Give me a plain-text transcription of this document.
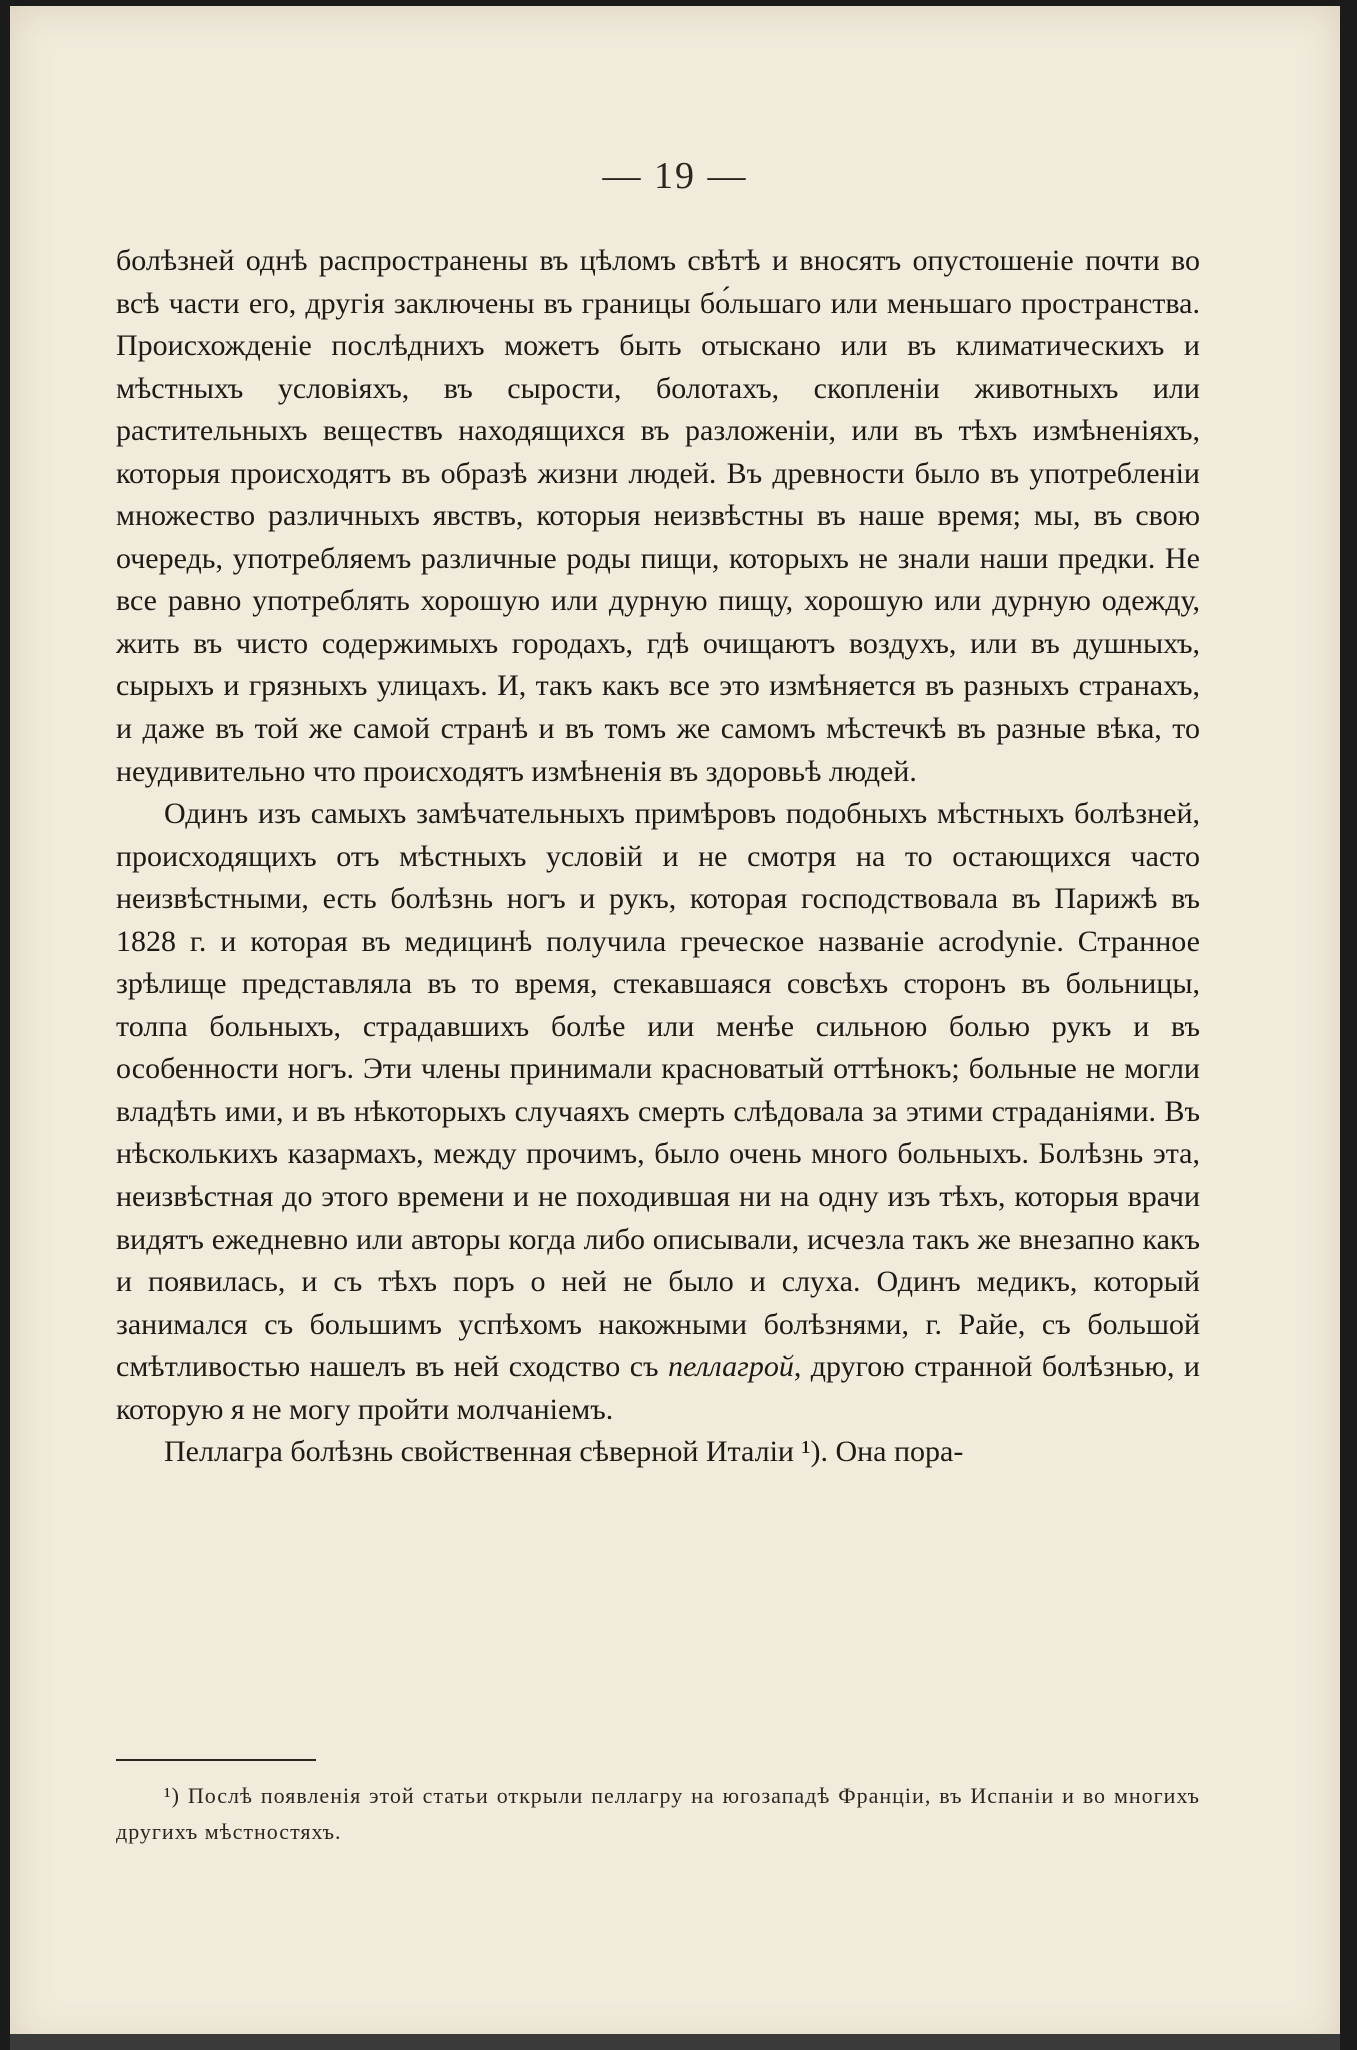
— 19 —

болѣзней однѣ распространены въ цѣломъ свѣтѣ и вносятъ опустошеніе почти во всѣ части его, другія заключены въ границы бо́льшаго или меньшаго пространства. Происхожденіе послѣднихъ можетъ быть отыскано или въ климатическихъ и мѣстныхъ условіяхъ, въ сырости, болотахъ, скопленіи животныхъ или растительныхъ веществъ находящихся въ разложеніи, или въ тѣхъ измѣненіяхъ, которыя происходятъ въ образѣ жизни людей. Въ древности было въ употребленіи множество различныхъ явствъ, которыя неизвѣстны въ наше время; мы, въ свою очередь, употребляемъ различные роды пищи, которыхъ не знали наши предки. Не все равно употреблять хорошую или дурную пищу, хорошую или дурную одежду, жить въ чисто содержимыхъ городахъ, гдѣ очищаютъ воздухъ, или въ душныхъ, сырыхъ и грязныхъ улицахъ. И, такъ какъ все это измѣняется въ разныхъ странахъ, и даже въ той же самой странѣ и въ томъ же самомъ мѣстечкѣ въ разные вѣка, то неудивительно что происходятъ измѣненія въ здоровьѣ людей.

Одинъ изъ самыхъ замѣчательныхъ примѣровъ подобныхъ мѣстныхъ болѣзней, происходящихъ отъ мѣстныхъ условій и не смотря на то остающихся часто неизвѣстными, есть болѣзнь ногъ и рукъ, которая господствовала въ Парижѣ въ 1828 г. и которая въ медицинѣ получила греческое названіе acrodynie. Странное зрѣлище представляла въ то время, стекавшаяся совсѣхъ сторонъ въ больницы, толпа больныхъ, страдавшихъ болѣе или менѣе сильною болью рукъ и въ особенности ногъ. Эти члены принимали красноватый оттѣнокъ; больные не могли владѣть ими, и въ нѣкоторыхъ случаяхъ смерть слѣдовала за этими страданіями. Въ нѣсколькихъ казармахъ, между прочимъ, было очень много больныхъ. Болѣзнь эта, неизвѣстная до этого времени и не походившая ни на одну изъ тѣхъ, которыя врачи видятъ ежедневно или авторы когда либо описывали, исчезла такъ же внезапно какъ и появилась, и съ тѣхъ поръ о ней не было и слуха. Одинъ медикъ, который занимался съ большимъ успѣхомъ накожными болѣзнями, г. Райе, съ большой смѣтливостью нашелъ въ ней сходство съ пеллагрой, другою странной болѣзнью, и которую я не могу пройти молчаніемъ.

Пеллагра болѣзнь свойственная сѣверной Италіи ¹). Она пора-

¹) Послѣ появленія этой статьи открыли пеллагру на югозападѣ Франціи, въ Испаніи и во многихъ другихъ мѣстностяхъ.
